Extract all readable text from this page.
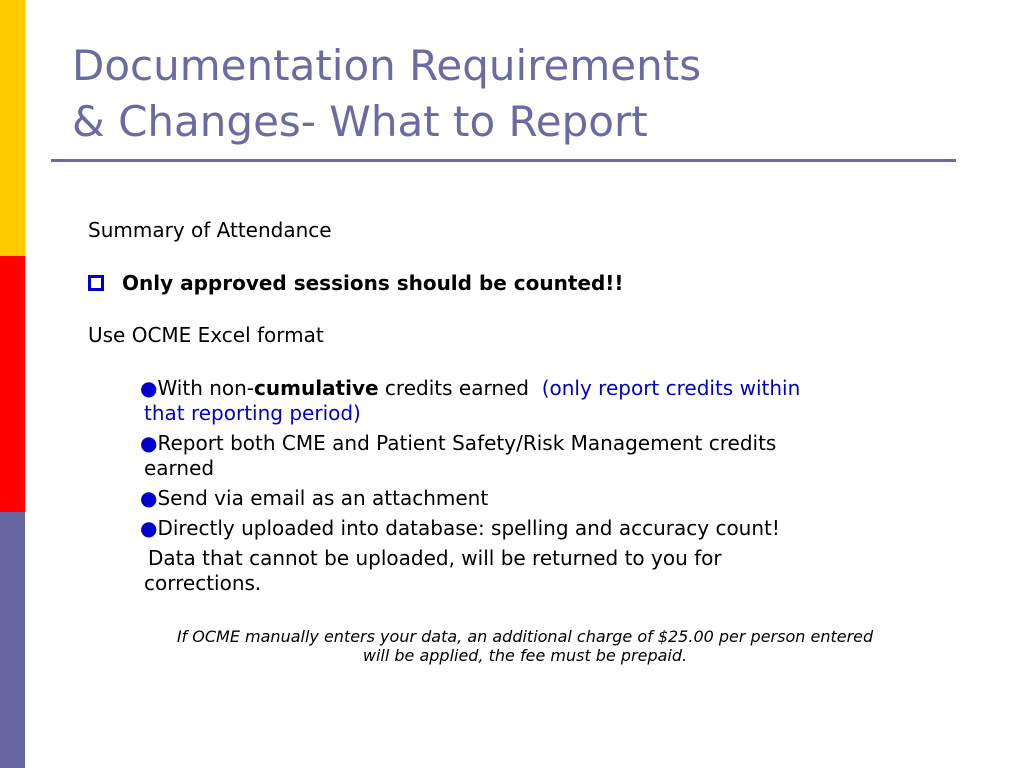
Documentation Requirements
& Changes- What to Report
Summary of Attendance
Only approved sessions should be counted!!
Use OCME Excel format
●With non-cumulative credits earned  (only report credits within
that reporting period)
●Report both CME and Patient Safety/Risk Management credits
earned
●Send via email as an attachment
●Directly uploaded into database: spelling and accuracy count!
Data that cannot be uploaded, will be returned to you for
corrections.
If OCME manually enters your data, an additional charge of $25.00 per person entered
will be applied, the fee must be prepaid.
